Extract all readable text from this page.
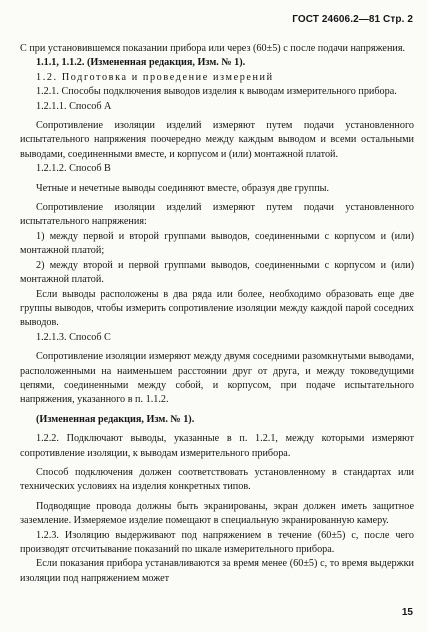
ГОСТ 24606.2—81 Стр. 2

С при установившемся показании прибора или через (60±5) с после подачи напряжения.

1.1.1, 1.1.2. (Измененная редакция, Изм. № 1).

1.2. Подготовка и проведение измерений

1.2.1. Способы подключения выводов изделия к выводам измерительного прибора.

1.2.1.1. Способ А

Сопротивление изоляции изделий измеряют путем подачи установленного испытательного напряжения поочередно между каждым выводом и всеми остальными выводами, соединенными вместе, и корпусом и (или) монтажной платой.

1.2.1.2. Способ В

Четные и нечетные выводы соединяют вместе, образуя две группы.

Сопротивление изоляции изделий измеряют путем подачи установленного испытательного напряжения:

1) между первой и второй группами выводов, соединенными с корпусом и (или) монтажной платой;

2) между второй и первой группами выводов, соединенными с корпусом и (или) монтажной платой.

Если выводы расположены в два ряда или более, необходимо образовать еще две группы выводов, чтобы измерить сопротивление изоляции между каждой парой соседних выводов.

1.2.1.3. Способ С

Сопротивление изоляции измеряют между двумя соседними разомкнутыми выводами, расположенными на наименьшем расстоянии друг от друга, и между токоведущими цепями, соединенными между собой, и корпусом, при подаче испытательного напряжения, указанного в п. 1.1.2.

(Измененная редакция, Изм. № 1).

1.2.2. Подключают выводы, указанные в п. 1.2.1, между которыми измеряют сопротивление изоляции, к выводам измерительного прибора.

Способ подключения должен соответствовать установленному в стандартах или технических условиях на изделия конкретных типов.

Подводящие провода должны быть экранированы, экран должен иметь защитное заземление. Измеряемое изделие помещают в специальную экранированную камеру.

1.2.3. Изоляцию выдерживают под напряжением в течение (60±5) с, после чего производят отсчитывание показаний по шкале измерительного прибора.

Если показания прибора устанавливаются за время менее (60±5) с, то время выдержки изоляции под напряжением может

15
